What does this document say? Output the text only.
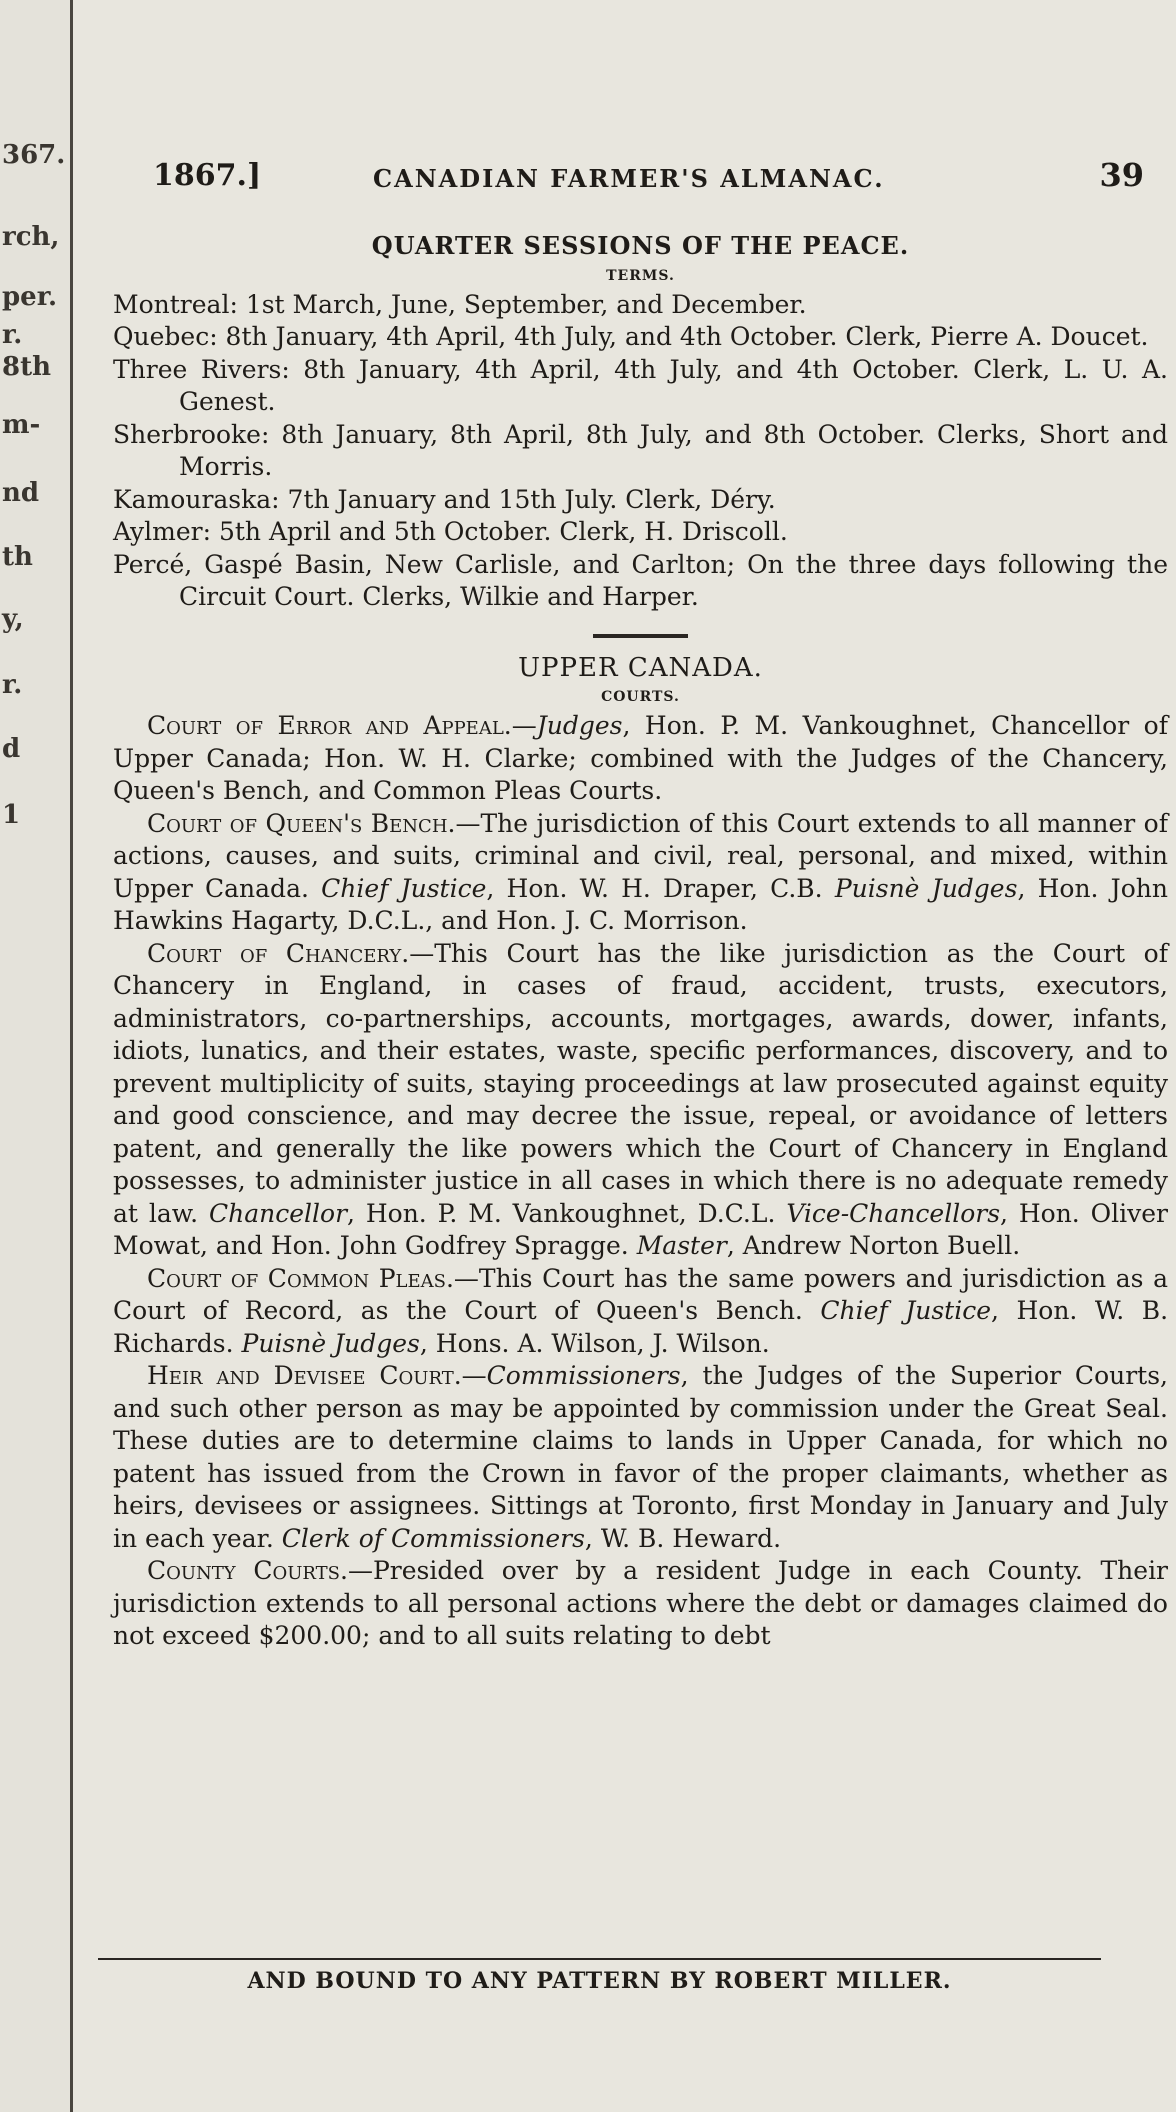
367.
rch,
per.
r.
8th
m-
nd
th
y,
r.
d
1
1867.]	CANADIAN FARMER'S ALMANAC.	39

QUARTER SESSIONS OF THE PEACE.

TERMS.

Montreal: 1st March, June, September, and December.

Quebec: 8th January, 4th April, 4th July, and 4th October. Clerk, Pierre A. Doucet.

Three Rivers: 8th January, 4th April, 4th July, and 4th October. Clerk, L. U. A. Genest.

Sherbrooke: 8th January, 8th April, 8th July, and 8th October. Clerks, Short and Morris.

Kamouraska: 7th January and 15th July. Clerk, Déry.

Aylmer: 5th April and 5th October. Clerk, H. Driscoll.

Percé, Gaspé Basin, New Carlisle, and Carlton; On the three days following the Circuit Court. Clerks, Wilkie and Harper.

UPPER CANADA.

COURTS.

Court of Error and Appeal.—Judges, Hon. P. M. Vankoughnet, Chancellor of Upper Canada; Hon. W. H. Clarke; combined with the Judges of the Chancery, Queen's Bench, and Common Pleas Courts.

Court of Queen's Bench.—The jurisdiction of this Court extends to all manner of actions, causes, and suits, criminal and civil, real, personal, and mixed, within Upper Canada. Chief Justice, Hon. W. H. Draper, C.B. Puisnè Judges, Hon. John Hawkins Hagarty, D.C.L., and Hon. J. C. Morrison.

Court of Chancery.—This Court has the like jurisdiction as the Court of Chancery in England, in cases of fraud, accident, trusts, executors, administrators, co-partnerships, accounts, mortgages, awards, dower, infants, idiots, lunatics, and their estates, waste, specific performances, discovery, and to prevent multiplicity of suits, staying proceedings at law prosecuted against equity and good conscience, and may decree the issue, repeal, or avoidance of letters patent, and generally the like powers which the Court of Chancery in England possesses, to administer justice in all cases in which there is no adequate remedy at law. Chancellor, Hon. P. M. Vankoughnet, D.C.L. Vice-Chancellors, Hon. Oliver Mowat, and Hon. John Godfrey Spragge. Master, Andrew Norton Buell.

Court of Common Pleas.—This Court has the same powers and jurisdiction as a Court of Record, as the Court of Queen's Bench. Chief Justice, Hon. W. B. Richards. Puisnè Judges, Hons. A. Wilson, J. Wilson.

Heir and Devisee Court.—Commissioners, the Judges of the Superior Courts, and such other person as may be appointed by commission under the Great Seal. These duties are to determine claims to lands in Upper Canada, for which no patent has issued from the Crown in favor of the proper claimants, whether as heirs, devisees or assignees. Sittings at Toronto, first Monday in January and July in each year. Clerk of Commissioners, W. B. Heward.

County Courts.—Presided over by a resident Judge in each County. Their jurisdiction extends to all personal actions where the debt or damages claimed do not exceed $200.00; and to all suits relating to debt

AND BOUND TO ANY PATTERN BY ROBERT MILLER.
